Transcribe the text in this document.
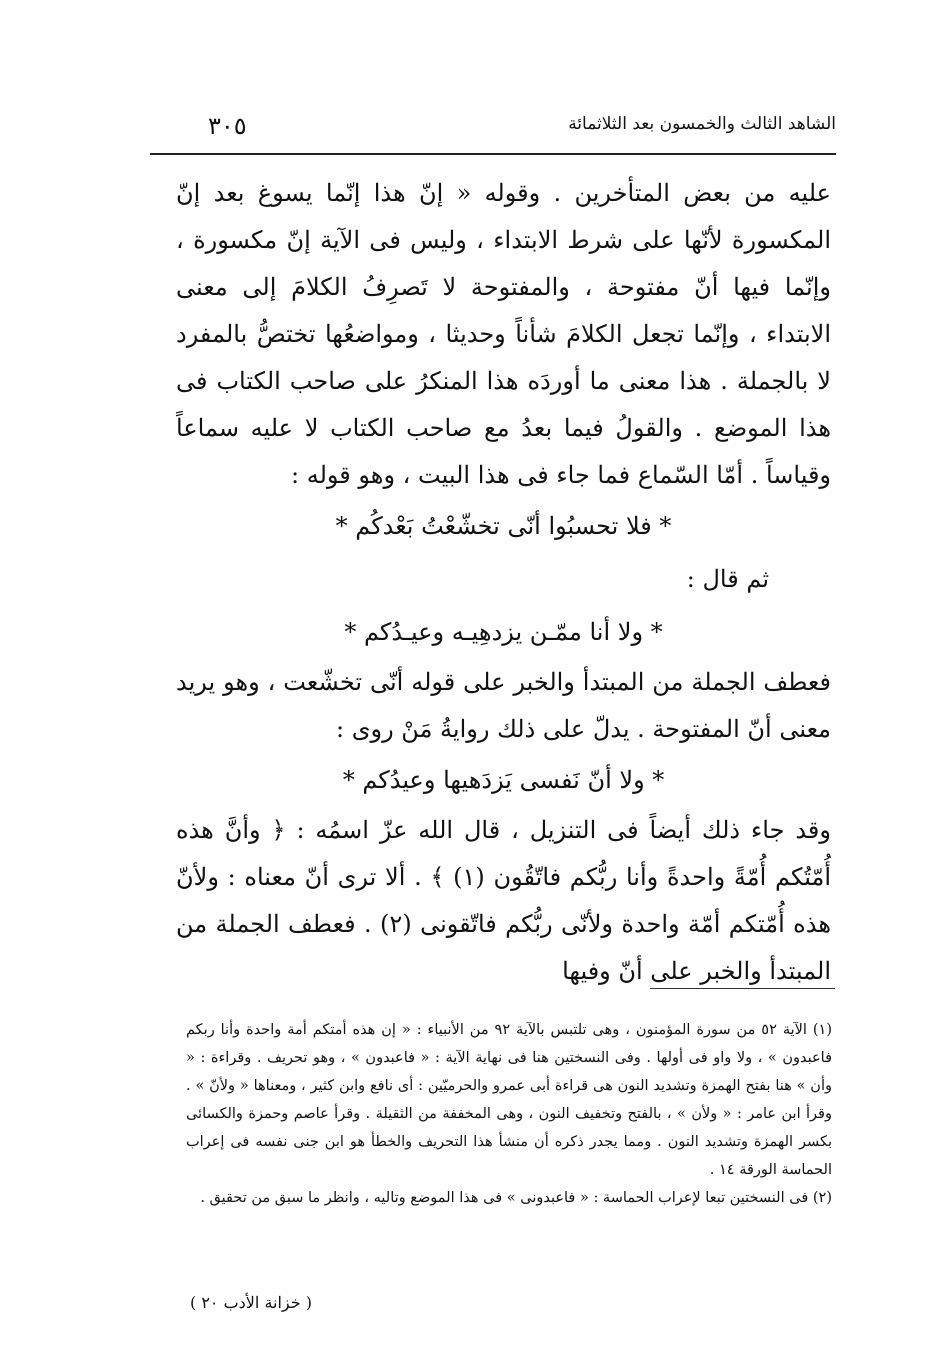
٣٠٥	الشاهد الثالث والخمسون بعد الثلاثمائة

عليه من بعض المتأخرين . وقوله « إنّ هذا إنّما يسوغ بعد إنّ المكسورة لأنّها على شرط الابتداء ، وليس فى الآية إنّ مكسورة ، وإنّما فيها أنّ مفتوحة ، والمفتوحة لا تَصرِفُ الكلامَ إلى معنى الابتداء ، وإنّما تجعل الكلامَ شأناً وحديثا ، ومواضعُها تختصُّ بالمفرد لا بالجملة . هذا معنى ما أوردَه هذا المنكرُ على صاحب الكتاب فى هذا الموضع . والقولُ فيما بعدُ مع صاحب الكتاب لا عليه سماعاً وقياساً . أمّا السّماع فما جاء فى هذا البيت ، وهو قوله :

* فلا تحسبُوا أنّى تخشّعْتُ بَعْدكُم *

ثم قال :

* ولا أنا ممّـن يزدهِيـه وعيـدُكم *

فعطف الجملة من المبتدأ والخبر على قوله أنّى تخشّعت ، وهو يريد معنى أنّ المفتوحة . يدلّ على ذلك روايةُ مَنْ روى :

* ولا أنّ نَفسى يَزدَهيها وعيدُكم *

وقد جاء ذلك أيضاً فى التنزيل ، قال الله عزّ اسمُه : ﴿ وأنَّ هذه أُمّتُكم أُمّةً واحدةً وأنا ربُّكم فاتّقُون (١) ﴾ . ألا ترى أنّ معناه : ولأنّ هذه أُمّتكم أمّة واحدة ولأنّى ربُّكم فاتّقونى (٢) . فعطف الجملة من المبتدأ والخبر على أنّ وفيها

(١) الآية ٥٢ من سورة المؤمنون ، وهى تلتبس بالآية ٩٢ من الأنبياء : « إن هذه أمتكم أمة واحدة وأنا ربكم فاعبدون » ، ولا واو فى أولها . وفى النسختين هنا فى نهاية الآية : « فاعبدون » ، وهو تحريف . وقراءة : « وأن » هنا بفتح الهمزة وتشديد النون هى قراءة أبى عمرو والحرميّين : أى نافع وابن كثير ، ومعناها « ولأنّ » . وقرأ ابن عامر : « ولأن » ، بالفتح وتخفيف النون ، وهى المخففة من الثقيلة . وقرأ عاصم وحمزة والكسائى بكسر الهمزة وتشديد النون . ومما يجدر ذكره أن منشأ هذا التحريف والخطأ هو ابن جنى نفسه فى إعراب الحماسة الورقة ١٤ .

(٢) فى النسختين تبعا لإعراب الحماسة : « فاعبدونى » فى هذا الموضع وتاليه ، وانظر ما سبق من تحقيق .

( خزانة الأدب ٢٠ )
